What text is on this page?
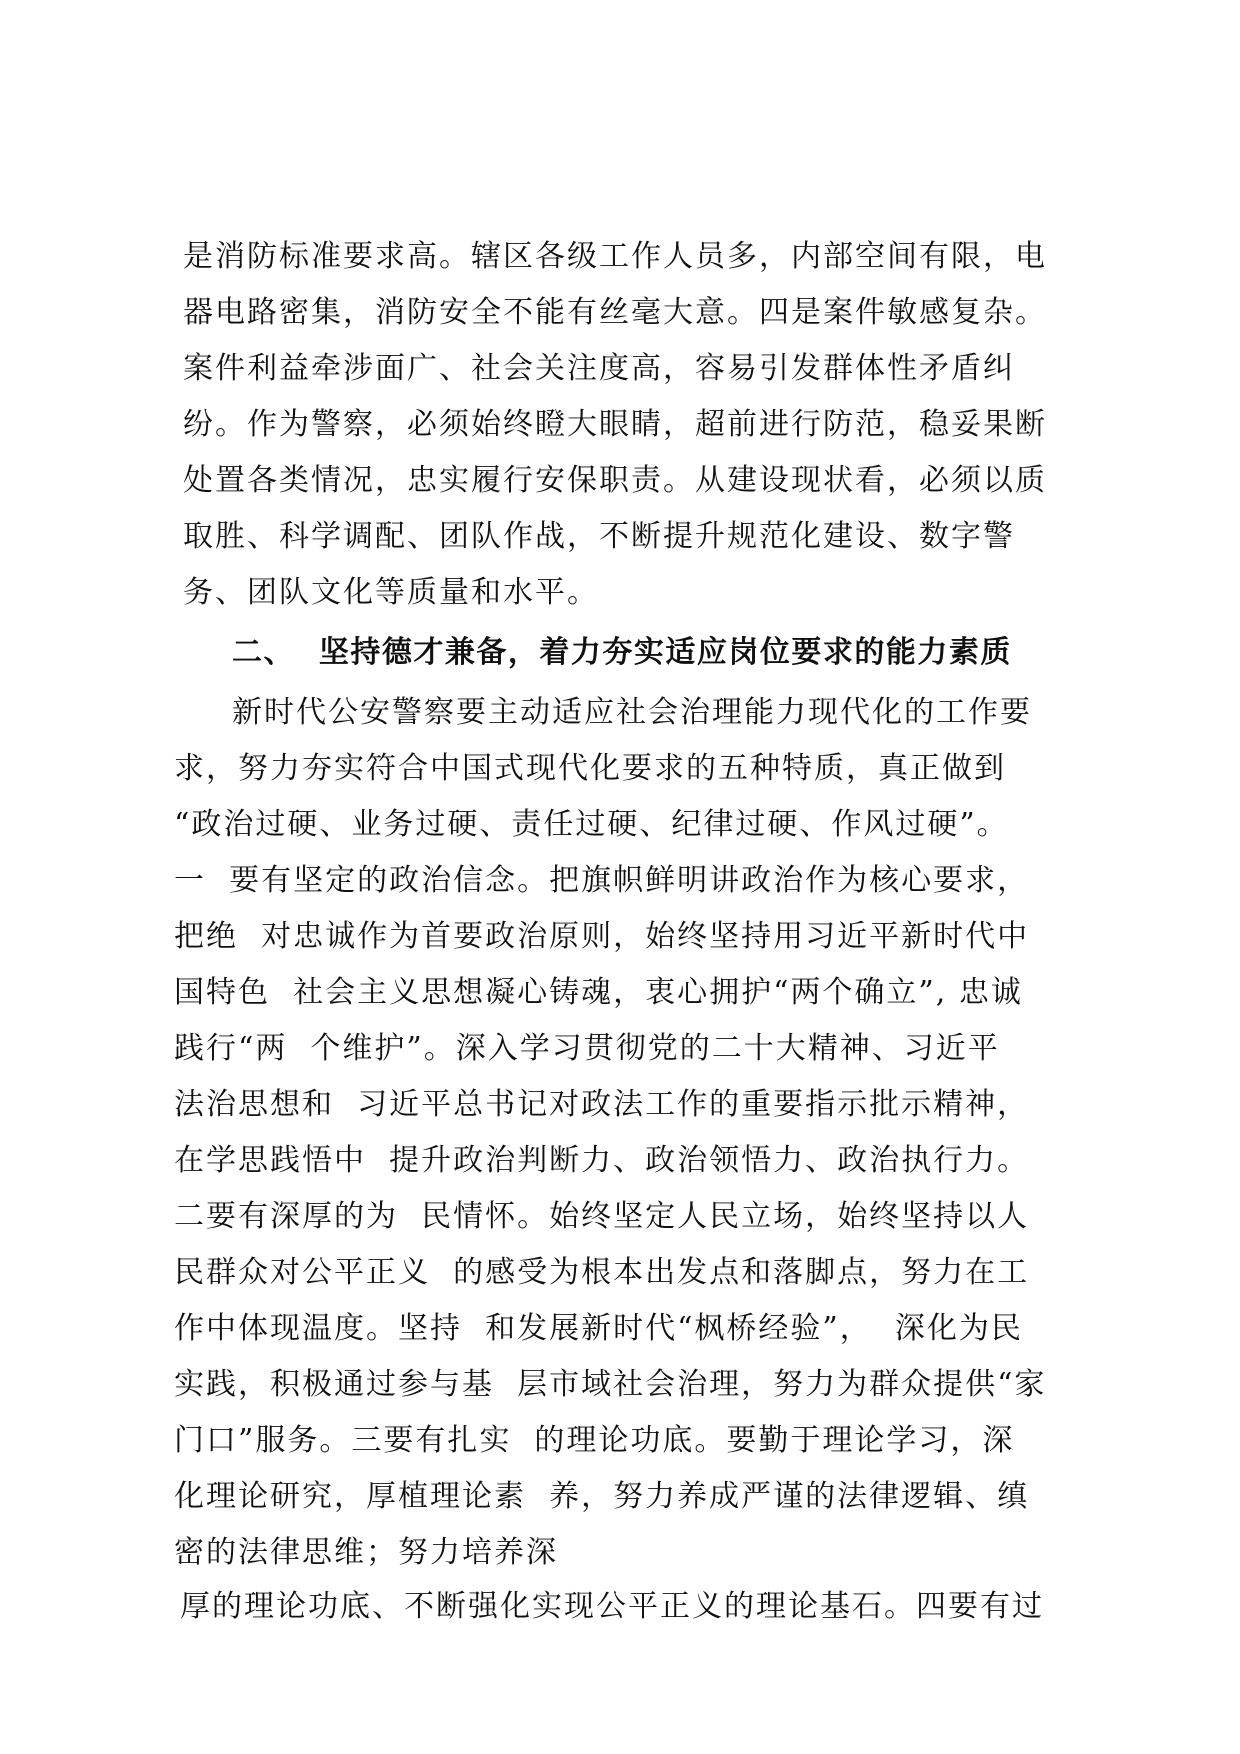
是消防标准要求高。辖区各级工作人员多，内部空间有限，电
器电路密集，消防安全不能有丝毫大意。四是案件敏感复杂。
案件利益牵涉面广、社会关注度高，容易引发群体性矛盾纠
纷。作为警察，必须始终瞪大眼睛，超前进行防范，稳妥果断
处置各类情况，忠实履行安保职责。从建设现状看，必须以质
取胜、科学调配、团队作战，不断提升规范化建设、数字警
务、团队文化等质量和水平。
二、  坚持德才兼备，着力夯实适应岗位要求的能力素质
新时代公安警察要主动适应社会治理能力现代化的工作要
求，努力夯实符合中国式现代化要求的五种特质，真正做到
“政治过硬、业务过硬、责任过硬、纪律过硬、作风过硬”。
一  要有坚定的政治信念。把旗帜鲜明讲政治作为核心要求，
把绝  对忠诚作为首要政治原则，始终坚持用习近平新时代中
国特色  社会主义思想凝心铸魂，衷心拥护“两个确立”, 忠诚
践行“两  个维护”。深入学习贯彻党的二十大精神、习近平
法治思想和  习近平总书记对政法工作的重要指示批示精神，
在学思践悟中  提升政治判断力、政治领悟力、政治执行力。
二要有深厚的为  民情怀。始终坚定人民立场，始终坚持以人
民群众对公平正义  的感受为根本出发点和落脚点，努力在工
作中体现温度。坚持  和发展新时代“枫桥经验”，  深化为民
实践，积极通过参与基  层市域社会治理，努力为群众提供“家
门口”服务。三要有扎实  的理论功底。要勤于理论学习，深
化理论研究，厚植理论素  养，努力养成严谨的法律逻辑、缜
密的法律思维；努力培养深
厚的理论功底、不断强化实现公平正义的理论基石。四要有过
